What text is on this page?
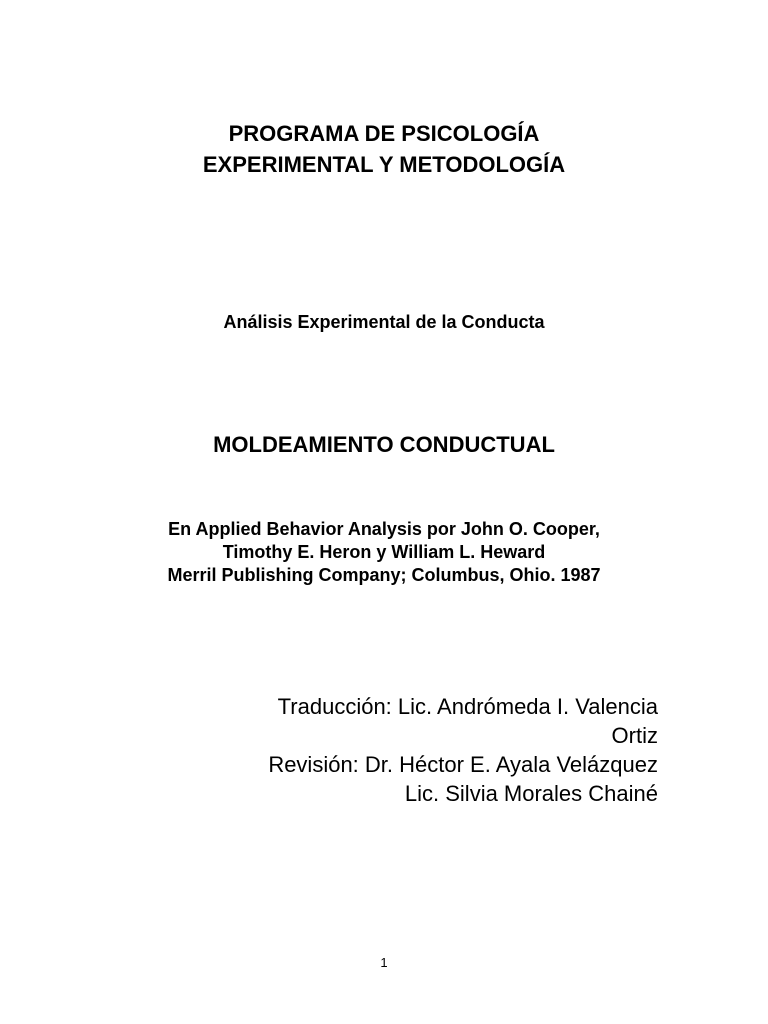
PROGRAMA DE PSICOLOGÍA
EXPERIMENTAL Y METODOLOGÍA
Análisis Experimental de la Conducta
MOLDEAMIENTO CONDUCTUAL
En Applied Behavior Analysis por John O. Cooper,
Timothy E. Heron y William L. Heward
Merril Publishing Company; Columbus, Ohio. 1987
Traducción: Lic. Andrómeda I. Valencia
Ortiz
Revisión: Dr. Héctor E. Ayala Velázquez
Lic. Silvia Morales Chainé
1
